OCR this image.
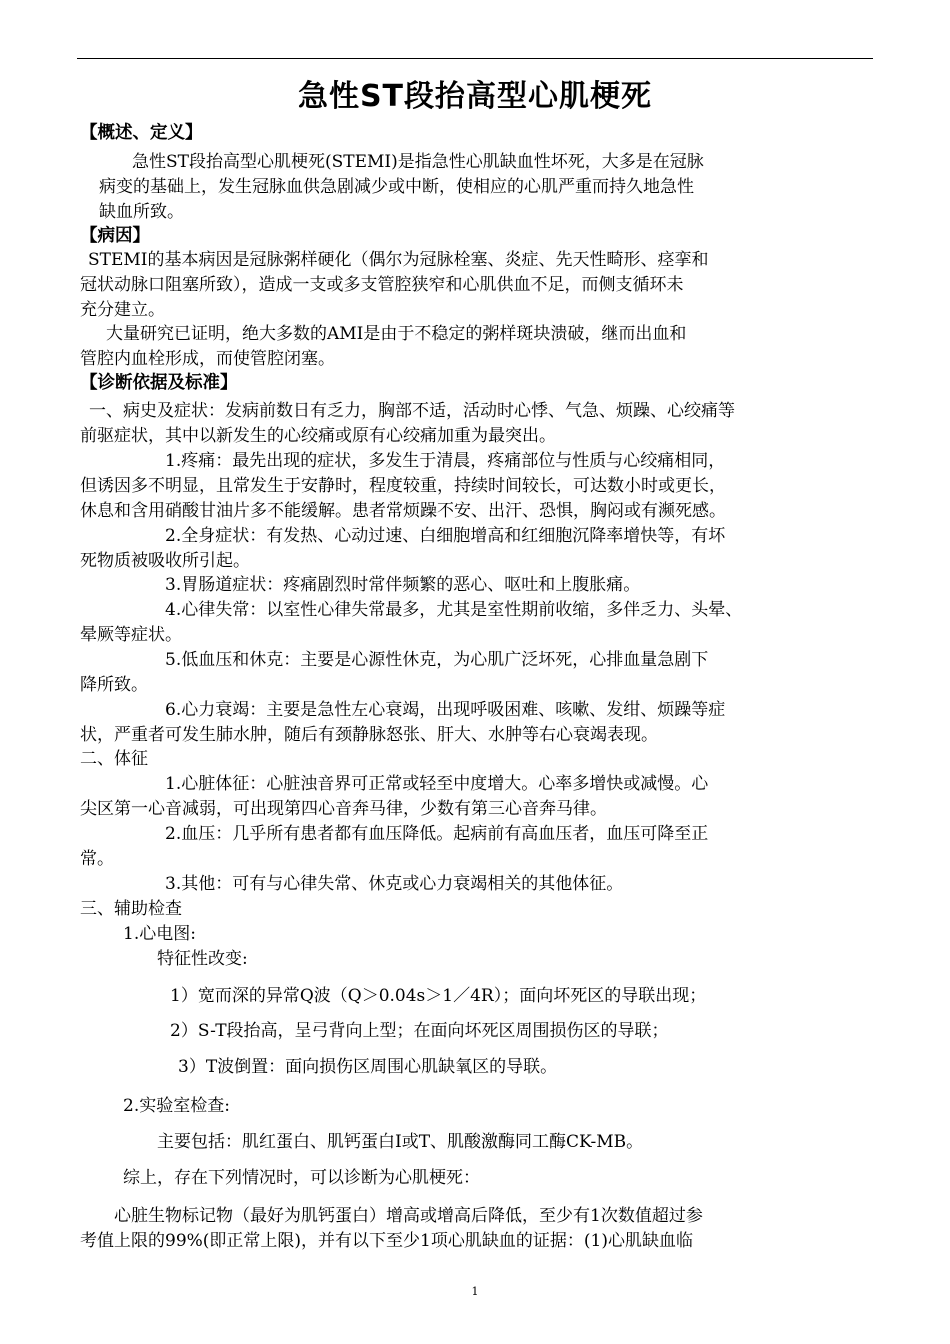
急性ST段抬高型心肌梗死
【概述、定义】
急性ST段抬高型心肌梗死(STEMI)是指急性心肌缺血性坏死，大多是在冠脉
病变的基础上，发生冠脉血供急剧减少或中断，使相应的心肌严重而持久地急性
缺血所致。
【病因】
STEMI的基本病因是冠脉粥样硬化（偶尔为冠脉栓塞、炎症、先天性畸形、痉挛和
冠状动脉口阻塞所致），造成一支或多支管腔狭窄和心肌供血不足，而侧支循环未
充分建立。
大量研究已证明，绝大多数的AMI是由于不稳定的粥样斑块溃破，继而出血和
管腔内血栓形成，而使管腔闭塞。
【诊断依据及标准】
一、病史及症状：发病前数日有乏力，胸部不适，活动时心悸、气急、烦躁、心绞痛等
前驱症状，其中以新发生的心绞痛或原有心绞痛加重为最突出。
1.疼痛：最先出现的症状，多发生于清晨，疼痛部位与性质与心绞痛相同，
但诱因多不明显，且常发生于安静时，程度较重，持续时间较长，可达数小时或更长，
休息和含用硝酸甘油片多不能缓解。患者常烦躁不安、出汗、恐惧，胸闷或有濒死感。
2.全身症状：有发热、心动过速、白细胞增高和红细胞沉降率增快等，有坏
死物质被吸收所引起。
3.胃肠道症状：疼痛剧烈时常伴频繁的恶心、呕吐和上腹胀痛。
4.心律失常：以室性心律失常最多，尤其是室性期前收缩，多伴乏力、头晕、
晕厥等症状。
5.低血压和休克：主要是心源性休克，为心肌广泛坏死，心排血量急剧下
降所致。
6.心力衰竭：主要是急性左心衰竭，出现呼吸困难、咳嗽、发绀、烦躁等症
状，严重者可发生肺水肿，随后有颈静脉怒张、肝大、水肿等右心衰竭表现。
二、体征
1.心脏体征：心脏浊音界可正常或轻至中度增大。心率多增快或减慢。心
尖区第一心音减弱，可出现第四心音奔马律，少数有第三心音奔马律。
2.血压：几乎所有患者都有血压降低。起病前有高血压者，血压可降至正
常。
3.其他：可有与心律失常、休克或心力衰竭相关的其他体征。
三、辅助检查
1.心电图:
特征性改变:
1）宽而深的异常Q波（Q＞0.04s＞1／4R）；面向坏死区的导联出现；
2）S-T段抬高，呈弓背向上型；在面向坏死区周围损伤区的导联；
3）T波倒置：面向损伤区周围心肌缺氧区的导联。
2.实验室检查:
主要包括：肌红蛋白、肌钙蛋白Ⅰ或T、肌酸激酶同工酶CK-MB。
综上，存在下列情况时，可以诊断为心肌梗死：
心脏生物标记物（最好为肌钙蛋白）增高或增高后降低，至少有1次数值超过参
考值上限的99%(即正常上限)，并有以下至少1项心肌缺血的证据：(1)心肌缺血临
1
